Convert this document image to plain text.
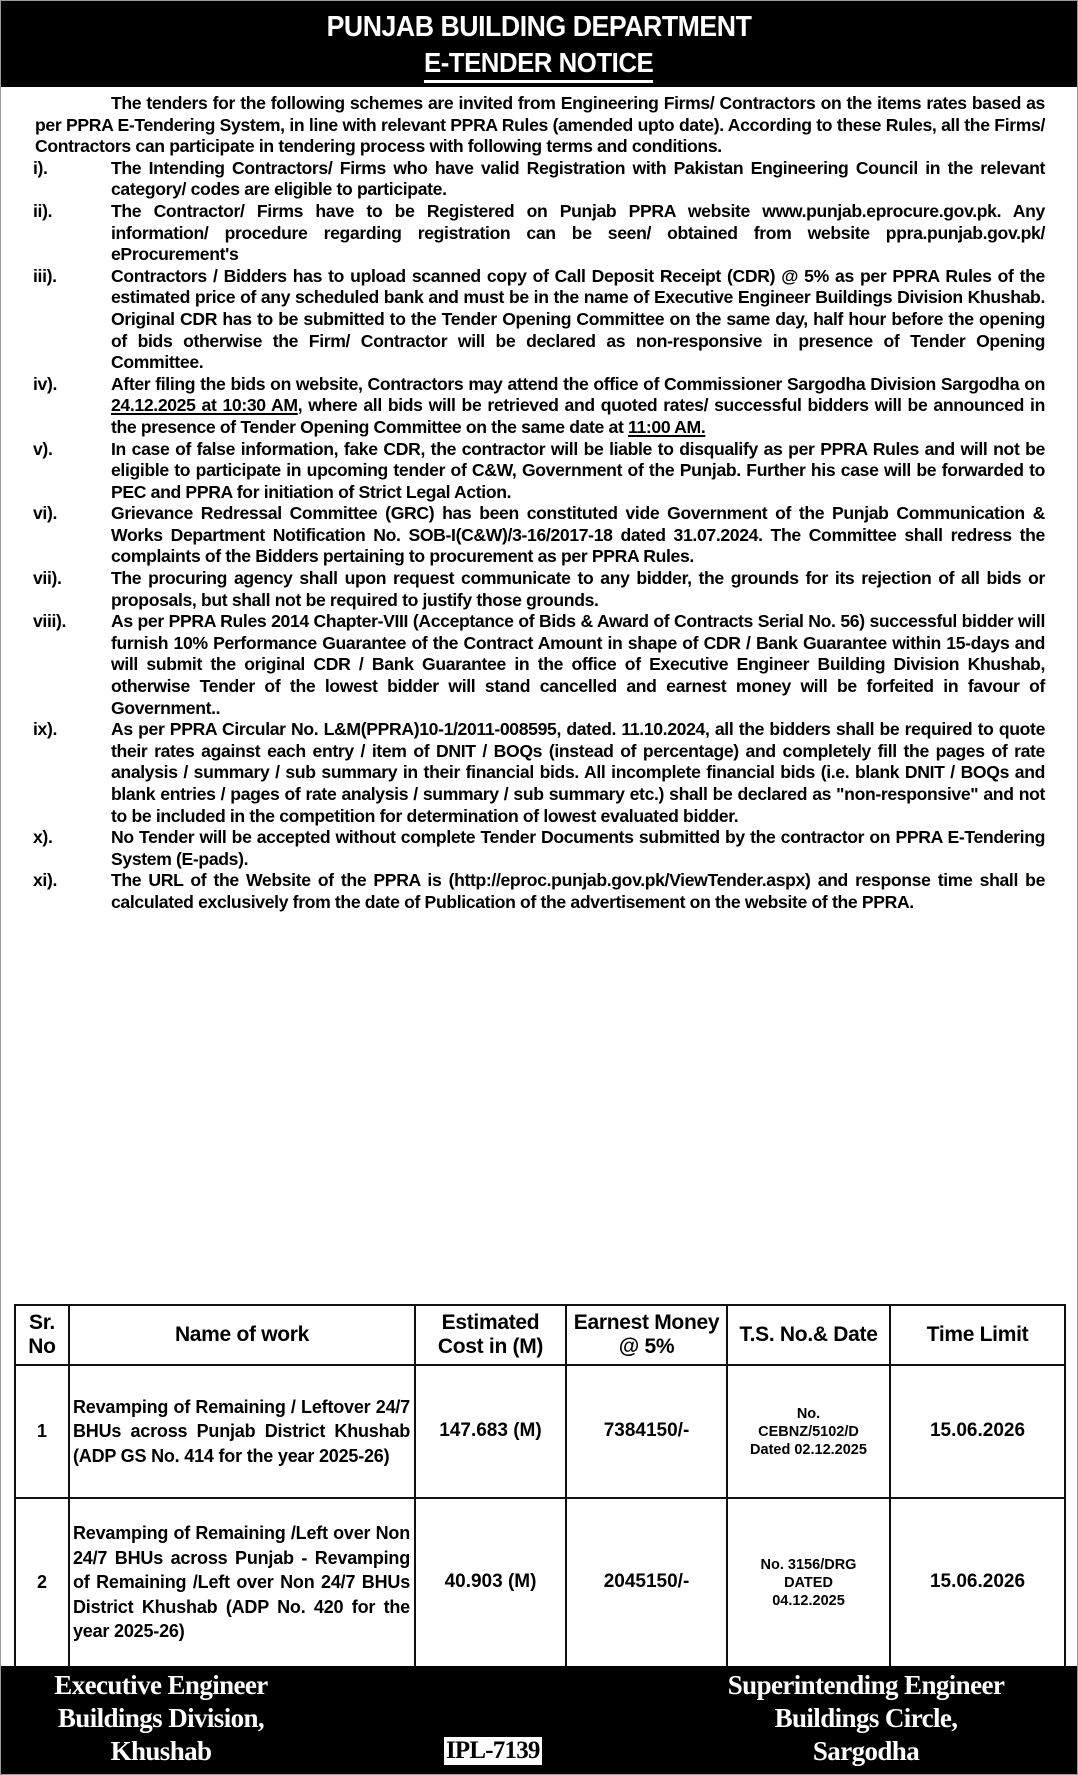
PUNJAB BUILDING DEPARTMENT
E-TENDER NOTICE

The tenders for the following schemes are invited from Engineering Firms/ Contractors on the items rates based as per PPRA E-Tendering System, in line with relevant PPRA Rules (amended upto date). According to these Rules, all the Firms/ Contractors can participate in tendering process with following terms and conditions.

i).	The Intending Contractors/ Firms who have valid Registration with Pakistan Engineering Council in the relevant category/ codes are eligible to participate.
ii).	The Contractor/ Firms have to be Registered on Punjab PPRA website www.punjab.eprocure.gov.pk. Any information/ procedure regarding registration can be seen/ obtained from website ppra.punjab.gov.pk/ eProcurement's
iii).	Contractors / Bidders has to upload scanned copy of Call Deposit Receipt (CDR) @ 5% as per PPRA Rules of the estimated price of any scheduled bank and must be in the name of Executive Engineer Buildings Division Khushab. Original CDR has to be submitted to the Tender Opening Committee on the same day, half hour before the opening of bids otherwise the Firm/ Contractor will be declared as non-responsive in presence of Tender Opening Committee.
iv).	After filing the bids on website, Contractors may attend the office of Commissioner Sargodha Division Sargodha on 24.12.2025 at 10:30 AM, where all bids will be retrieved and quoted rates/ successful bidders will be announced in the presence of Tender Opening Committee on the same date at 11:00 AM.
v).	In case of false information, fake CDR, the contractor will be liable to disqualify as per PPRA Rules and will not be eligible to participate in upcoming tender of C&W, Government of the Punjab. Further his case will be forwarded to PEC and PPRA for initiation of Strict Legal Action.
vi).	Grievance Redressal Committee (GRC) has been constituted vide Government of the Punjab Communication & Works Department Notification No. SOB-I(C&W)/3-16/2017-18 dated 31.07.2024. The Committee shall redress the complaints of the Bidders pertaining to procurement as per PPRA Rules.
vii).	The procuring agency shall upon request communicate to any bidder, the grounds for its rejection of all bids or proposals, but shall not be required to justify those grounds.
viii).	As per PPRA Rules 2014 Chapter-VIII (Acceptance of Bids & Award of Contracts Serial No. 56) successful bidder will furnish 10% Performance Guarantee of the Contract Amount in shape of CDR / Bank Guarantee within 15-days and will submit the original CDR / Bank Guarantee in the office of Executive Engineer Building Division Khushab, otherwise Tender of the lowest bidder will stand cancelled and earnest money will be forfeited in favour of Government..
ix).	As per PPRA Circular No. L&M(PPRA)10-1/2011-008595, dated. 11.10.2024, all the bidders shall be required to quote their rates against each entry / item of DNIT / BOQs (instead of percentage) and completely fill the pages of rate analysis / summary / sub summary in their financial bids. All incomplete financial bids (i.e. blank DNIT / BOQs and blank entries / pages of rate analysis / summary / sub summary etc.) shall be declared as "non-responsive" and not to be included in the competition for determination of lowest evaluated bidder.
x).	No Tender will be accepted without complete Tender Documents submitted by the contractor on PPRA E-Tendering System (E-pads).
xi).	The URL of the Website of the PPRA is (http://eproc.punjab.gov.pk/ViewTender.aspx) and response time shall be calculated exclusively from the date of Publication of the advertisement on the website of the PPRA.
Sr. No	Name of work	Estimated Cost in (M)	Earnest Money @ 5%	T.S. No.& Date	Time Limit
1	Revamping of Remaining / Leftover 24/7 BHUs across Punjab District Khushab (ADP GS No. 414 for the year 2025-26)	147.683 (M)	7384150/-	No.
CEBNZ/5102/D
Dated 02.12.2025	15.06.2026
2	Revamping of Remaining /Left over Non 24/7 BHUs across Punjab - Revamping of Remaining /Left over Non 24/7 BHUs District Khushab (ADP No. 420 for the year 2025-26)	40.903 (M)	2045150/-	No. 3156/DRG
DATED
04.12.2025	15.06.2026
Executive Engineer
Buildings Division,
Khushab	IPL-7139
Superintending Engineer
Buildings Circle,
Sargodha
